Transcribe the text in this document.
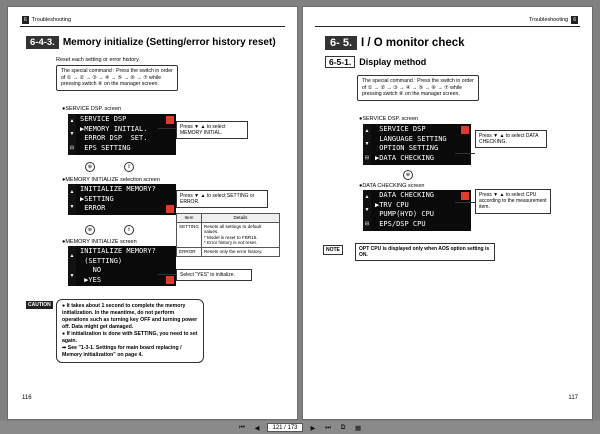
6 Troubleshooting
6-4-3. Memory initialize (Setting/error history reset)
Reset each setting or error history.
The special command : Press the switch in order of ① → ② → ③ → ④ → ⑤ → ⑥ → ⑦ while pressing switch ⑧ on the manager screen.
●SERVICE DSP. screen
▲
▼
⊟
SERVICE DSP
▶MEMORY INITIAL.
ERROR DSP  SET.
EPS SETTING
Press ▼ ▲ to select MEMORY INITIAL.
⊛	⇧
●MEMORY INITIALIZE selection screen
▲
▼
INITIALIZE MEMORY?
▶SETTING
ERROR
Press ▼ ▲ to select SETTING or ERROR.
Item	Details
SETTING	Resets all settings to default values.
* Model is reset to FBR15.
* Error history is not reset.
ERROR	Resets only the error history.
⊛	⇧
●MEMORY INITIALIZE screen
▲
▼
INITIALIZE MEMORY?
(SETTING)
NO
▶YES
Select "YES" to initialize.
CAUTION	● It takes about 1 second to complete the memory initialization. In the meantime, do not perform operations such as turning key OFF and turning power off. Data might get damaged.
● If initialization is done with SETTING, you need to set again.
➡ See "1-3-1. Settings for main board replacing / Memory initialization" on page 4.
116
Troubleshooting	6
6- 5. I / O monitor check
6-5-1. Display method
The special command : Press the switch in order of ① → ② → ③ → ④ → ⑤ → ⑥ → ⑦ while pressing switch ⑧ on the manager screen.
●SERVICE DSP. screen
▲
▼
⊟
SERVICE DSP
LANGUAGE SETTING
OPTION SETTING
▶DATA CHECKING
Press ▼ ▲ to select DATA CHECKING.
⊛
●DATA CHECKING screen
▲
▼
⊟
DATA CHECKING
▶TRV CPU
PUMP(HYD) CPU
EPS/DSP CPU
Press ▼ ▲ to select CPU according to the measurement item.
NOTE	OPT CPU is displayed only when AOS option setting is ON.
117
⏮	◀	121 / 173	▶	⏭	⧉	▦
